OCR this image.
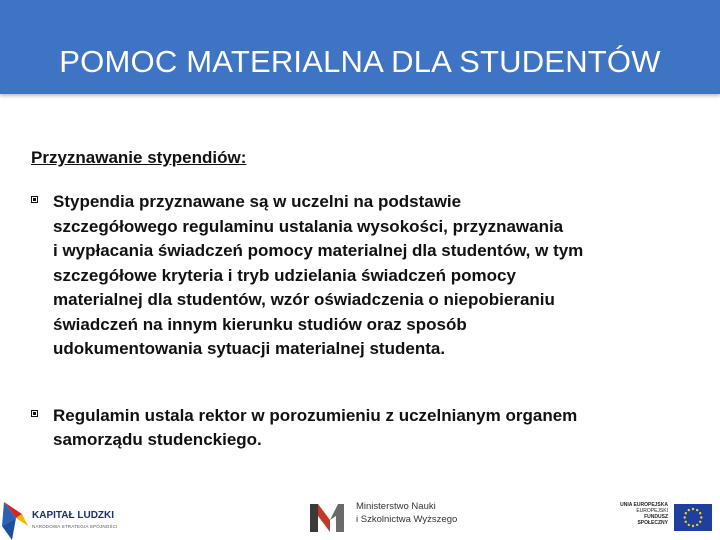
POMOC MATERIALNA DLA STUDENTÓW
Przyznawanie stypendiów:
Stypendia przyznawane są w uczelni na podstawie
szczegółowego regulaminu ustalania wysokości, przyznawania
i wypłacania świadczeń pomocy materialnej dla studentów, w tym
szczegółowe kryteria i tryb udzielania świadczeń pomocy
materialnej dla studentów, wzór oświadczenia o niepobieraniu
świadczeń na innym kierunku studiów oraz sposób
udokumentowania sytuacji materialnej studenta.
Regulamin ustala rektor w porozumieniu z uczelnianym organem
samorządu studenckiego.
KAPITAŁ LUDZKI
NARODOWA STRATEGIA SPÓJNOŚCI
Ministerstwo Nauki
i Szkolnictwa Wyższego
UNIA EUROPEJSKA
EUROPEJSKI
FUNDUSZ SPOŁECZNY
